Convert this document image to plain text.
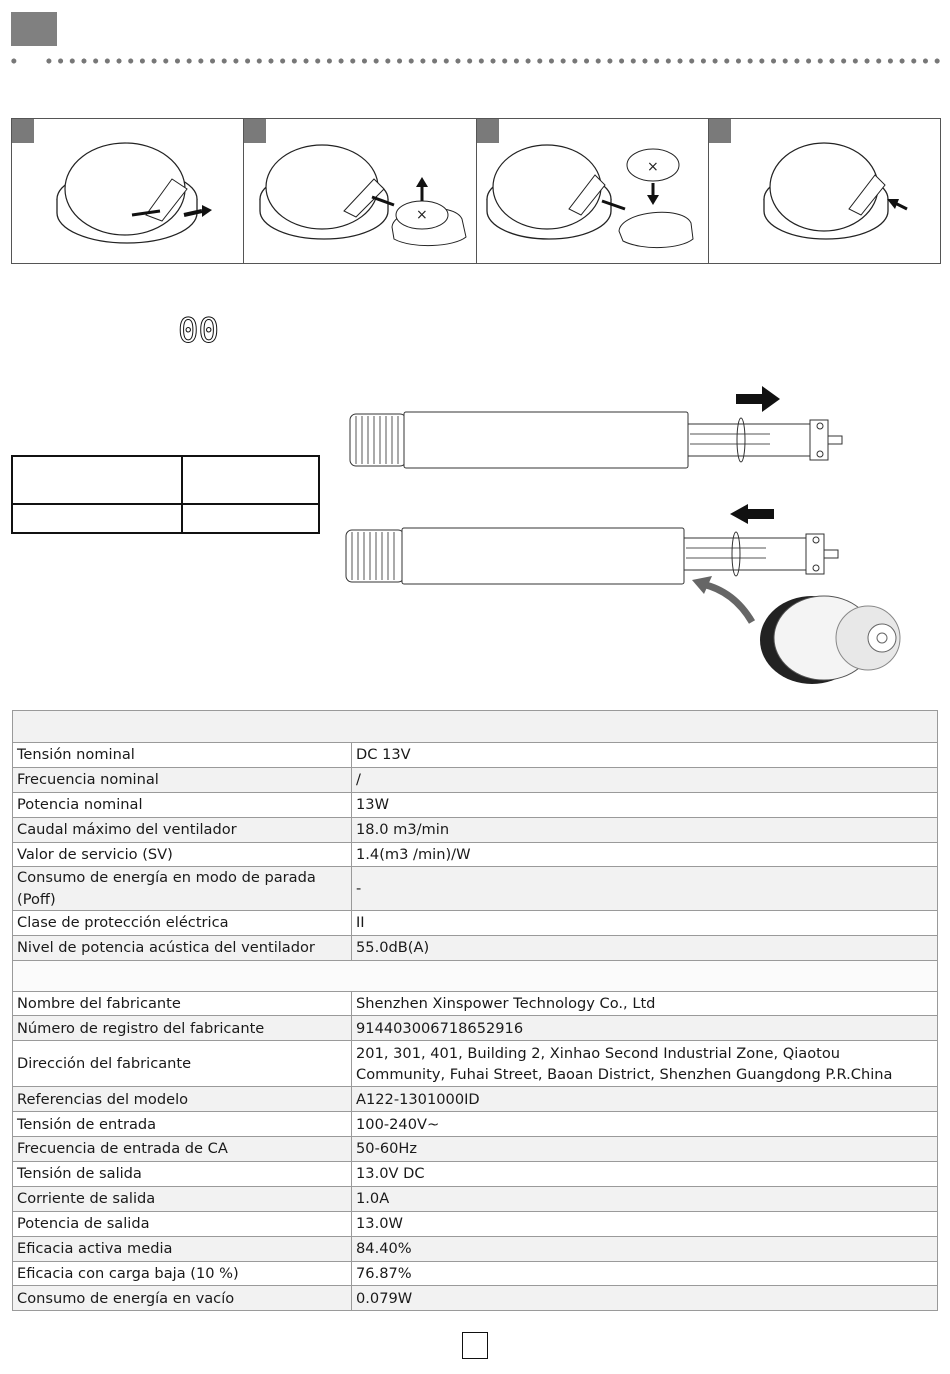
×
×
00

Tensión nominal	DC 13V
Frecuencia nominal	/
Potencia nominal	13W
Caudal máximo del ventilador	18.0 m3/min
Valor de servicio (SV)	1.4(m3 /min)/W
Consumo de energía en modo de parada (Poff)	-
Clase de protección eléctrica	II
Nivel de potencia acústica del ventilador	55.0dB(A)

Nombre del fabricante	Shenzhen Xinspower Technology Co., Ltd
Número de registro del fabricante	914403006718652916
Dirección del fabricante	201, 301, 401, Building 2, Xinhao Second Industrial Zone, Qiaotou Community, Fuhai Street, Baoan District, Shenzhen Guangdong P.R.China
Referencias del modelo	A122-1301000ID
Tensión de entrada	100-240V~
Frecuencia de entrada de CA	50-60Hz
Tensión de salida	13.0V DC
Corriente de salida	1.0A
Potencia de salida	13.0W
Eficacia activa media	84.40%
Eficacia con carga baja (10 %)	76.87%
Consumo de energía en vacío	0.079W
